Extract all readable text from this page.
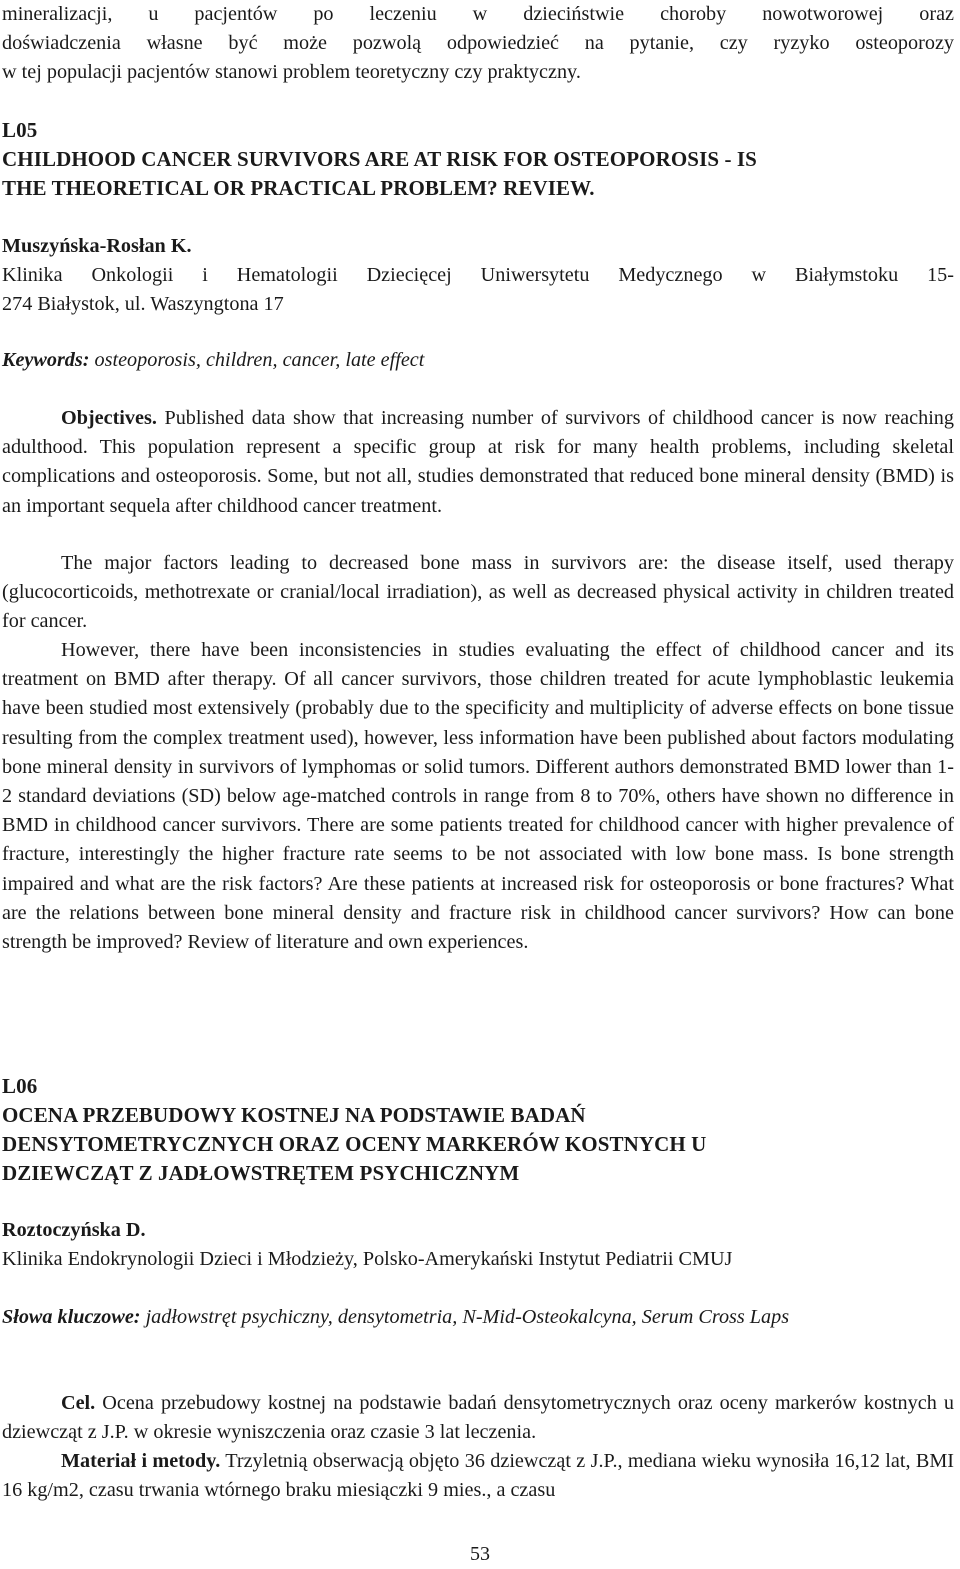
mineralizacji, u pacjentów po leczeniu w dzieciństwie choroby nowotworowej oraz
doświadczenia własne być może pozwolą odpowiedzieć na pytanie, czy ryzyko osteoporozy
w tej populacji pacjentów stanowi problem teoretyczny czy praktyczny.
L05
CHILDHOOD CANCER SURVIVORS ARE AT RISK FOR OSTEOPOROSIS - IS
THE THEORETICAL OR PRACTICAL PROBLEM? REVIEW.
Muszyńska-Rosłan K.
Klinika Onkologii i Hematologii Dziecięcej Uniwersytetu Medycznego w Białymstoku 15-
274 Białystok, ul. Waszyngtona 17
Keywords: osteoporosis, children, cancer, late effect

Objectives. Published data show that increasing number of survivors of childhood cancer is now reaching adulthood. This population represent a specific group at risk for many health problems, including skeletal complications and osteoporosis. Some, but not all, studies demonstrated that reduced bone mineral density (BMD) is an important sequela after childhood cancer treatment.

The major factors leading to decreased bone mass in survivors are: the disease itself, used therapy (glucocorticoids, methotrexate or cranial/local irradiation), as well as decreased physical activity in children treated for cancer.

However, there have been inconsistencies in studies evaluating the effect of childhood cancer and its treatment on BMD after therapy. Of all cancer survivors, those children treated for acute lymphoblastic leukemia have been studied most extensively (probably due to the specificity and multiplicity of adverse effects on bone tissue resulting from the complex treatment used), however, less information have been published about factors modulating bone mineral density in survivors of lymphomas or solid tumors. Different authors demonstrated BMD lower than 1-2 standard deviations (SD) below age-matched controls in range from 8 to 70%, others have shown no difference in BMD in childhood cancer survivors. There are some patients treated for childhood cancer with higher prevalence of fracture, interestingly the higher fracture rate seems to be not associated with low bone mass. Is bone strength impaired and what are the risk factors? Are these patients at increased risk for osteoporosis or bone fractures? What are the relations between bone mineral density and fracture risk in childhood cancer survivors? How can bone strength be improved? Review of literature and own experiences.

L06
OCENA PRZEBUDOWY KOSTNEJ NA PODSTAWIE BADAŃ
DENSYTOMETRYCZNYCH ORAZ OCENY MARKERÓW KOSTNYCH U
DZIEWCZĄT Z JADŁOWSTRĘTEM PSYCHICZNYM
Roztoczyńska D.
Klinika Endokrynologii Dzieci i Młodzieży, Polsko-Amerykański Instytut Pediatrii CMUJ
Słowa kluczowe: jadłowstręt psychiczny, densytometria, N-Mid-Osteokalcyna, Serum Cross Laps

Cel. Ocena przebudowy kostnej na podstawie badań densytometrycznych oraz oceny markerów kostnych u dziewcząt z J.P. w okresie wyniszczenia oraz czasie 3 lat leczenia.

Materiał i metody. Trzyletnią obserwacją objęto 36 dziewcząt z J.P., mediana wieku wynosiła 16,12 lat, BMI 16 kg/m2, czasu trwania wtórnego braku miesiączki 9 mies., a czasu

53
